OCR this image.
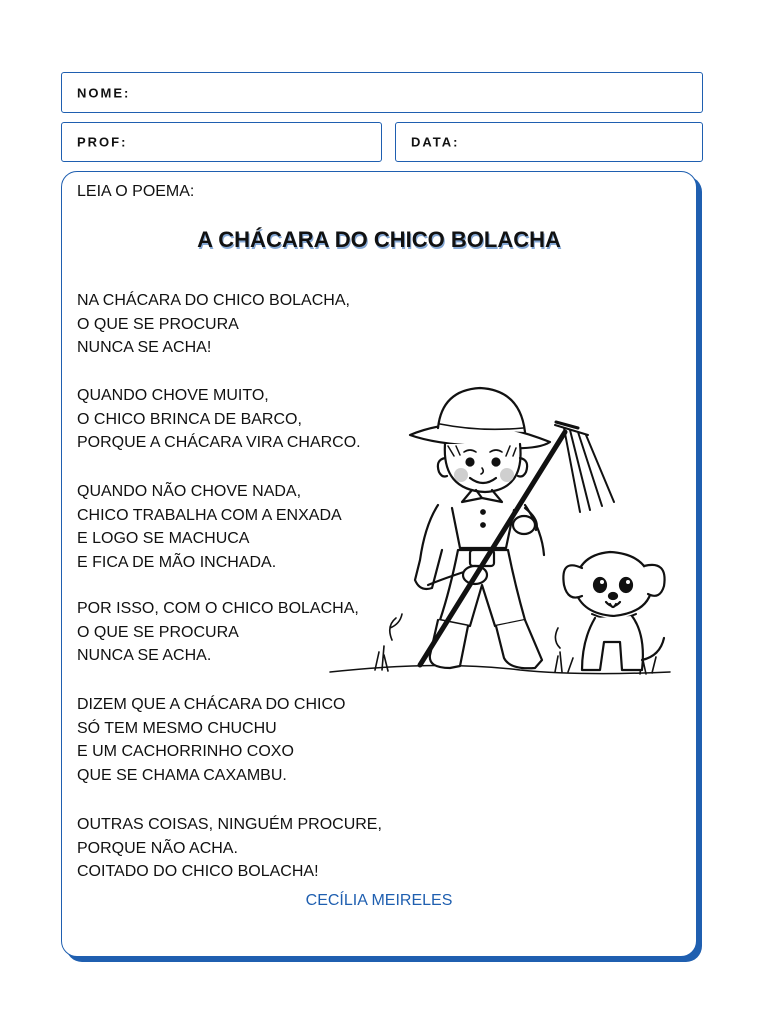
NOME:
PROF:	DATA:
LEIA O POEMA:
A CHÁCARA DO CHICO BOLACHA
NA CHÁCARA DO CHICO BOLACHA,
O QUE SE PROCURA
NUNCA SE ACHA!
QUANDO CHOVE MUITO,
O CHICO BRINCA DE BARCO,
PORQUE A CHÁCARA VIRA CHARCO.
QUANDO NÃO CHOVE NADA,
CHICO TRABALHA COM A ENXADA
E LOGO SE MACHUCA
E FICA DE MÃO INCHADA.
POR ISSO, COM O CHICO BOLACHA,
O QUE SE PROCURA
NUNCA SE ACHA.
DIZEM QUE A CHÁCARA DO CHICO
SÓ TEM MESMO CHUCHU
E UM CACHORRINHO COXO
QUE SE CHAMA CAXAMBU.
OUTRAS COISAS, NINGUÉM PROCURE,
PORQUE NÃO ACHA.
COITADO DO CHICO BOLACHA!
CECÍLIA MEIRELES
